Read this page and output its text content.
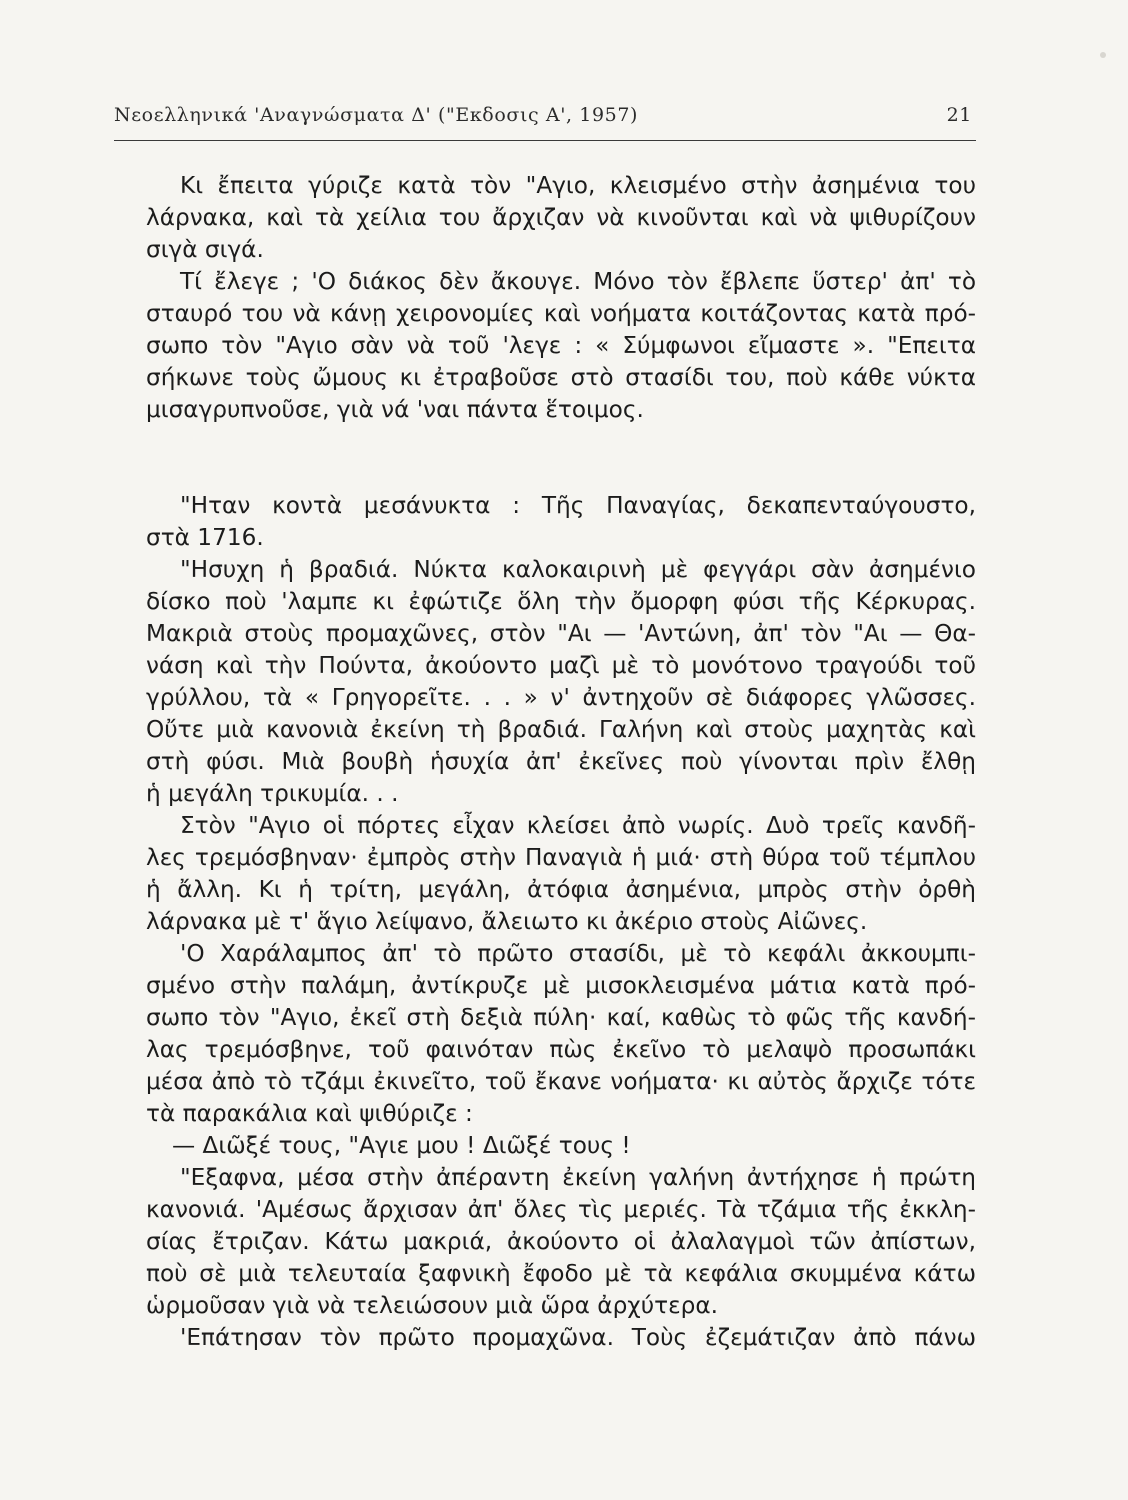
Νεοελληνικά 'Αναγνώσματα Δ' ("Εκδοσις Α', 1957)	21
Κι ἔπειτα γύριζε κατὰ τὸν "Αγιο, κλεισμένο στὴν ἀσημένια του
λάρνακα, καὶ τὰ χείλια του ἄρχιζαν νὰ κινοῦνται καὶ νὰ ψιθυρίζουν
σιγὰ σιγά.
Τί ἔλεγε ; 'Ο διάκος δὲν ἄκουγε. Μόνο τὸν ἔβλεπε ὕστερ' ἀπ' τὸ
σταυρό του νὰ κάνῃ χειρονομίες καὶ νοήματα κοιτάζοντας κατὰ πρό-
σωπο τὸν "Αγιο σὰν νὰ τοῦ 'λεγε : « Σύμφωνοι εἴμαστε ». "Επειτα
σήκωνε τοὺς ὤμους κι ἐτραβοῦσε στὸ στασίδι του, ποὺ κάθε νύκτα
μισαγρυπνοῦσε, γιὰ νά 'ναι πάντα ἕτοιμος.
"Ηταν κοντὰ μεσάνυκτα : Τῆς Παναγίας, δεκαπενταύγουστο,
στὰ 1716.
"Ησυχη ἡ βραδιά. Νύκτα καλοκαιρινὴ μὲ φεγγάρι σὰν ἀσημένιο
δίσκο ποὺ 'λαμπε κι ἐφώτιζε ὅλη τὴν ὄμορφη φύσι τῆς Κέρκυρας.
Μακριὰ στοὺς προμαχῶνες, στὸν "Αι — 'Αντώνη, ἀπ' τὸν "Αι — Θα-
νάση καὶ τὴν Πούντα, ἀκούοντο μαζὶ μὲ τὸ μονότονο τραγούδι τοῦ
γρύλλου, τὰ « Γρηγορεῖτε. . . » ν' ἀντηχοῦν σὲ διάφορες γλῶσσες.
Οὔτε μιὰ κανονιὰ ἐκείνη τὴ βραδιά. Γαλήνη καὶ στοὺς μαχητὰς καὶ
στὴ φύσι. Μιὰ βουβὴ ἡσυχία ἀπ' ἐκεῖνες ποὺ γίνονται πρὶν ἔλθῃ
ἡ μεγάλη τρικυμία. . .
Στὸν "Αγιο οἱ πόρτες εἶχαν κλείσει ἀπὸ νωρίς. Δυὸ τρεῖς κανδῆ-
λες τρεμόσβηναν· ἐμπρὸς στὴν Παναγιὰ ἡ μιά· στὴ θύρα τοῦ τέμπλου
ἡ ἄλλη. Κι ἡ τρίτη, μεγάλη, ἀτόφια ἀσημένια, μπρὸς στὴν ὀρθὴ
λάρνακα μὲ τ' ἅγιο λείψανο, ἄλειωτο κι ἀκέριο στοὺς Αἰῶνες.
'Ο Χαράλαμπος ἀπ' τὸ πρῶτο στασίδι, μὲ τὸ κεφάλι ἀκκουμπι-
σμένο στὴν παλάμη, ἀντίκρυζε μὲ μισοκλεισμένα μάτια κατὰ πρό-
σωπο τὸν "Αγιο, ἐκεῖ στὴ δεξιὰ πύλη· καί, καθὼς τὸ φῶς τῆς κανδή-
λας τρεμόσβηνε, τοῦ φαινόταν πὼς ἐκεῖνο τὸ μελαψὸ προσωπάκι
μέσα ἀπὸ τὸ τζάμι ἐκινεῖτο, τοῦ ἔκανε νοήματα· κι αὐτὸς ἄρχιζε τότε
τὰ παρακάλια καὶ ψιθύριζε :
— Διῶξέ τους, "Αγιε μου ! Διῶξέ τους !
"Εξαφνα, μέσα στὴν ἀπέραντη ἐκείνη γαλήνη ἀντήχησε ἡ πρώτη
κανονιά. 'Αμέσως ἄρχισαν ἀπ' ὅλες τὶς μεριές. Τὰ τζάμια τῆς ἐκκλη-
σίας ἔτριζαν. Κάτω μακριά, ἀκούοντο οἱ ἀλαλαγμοὶ τῶν ἀπίστων,
ποὺ σὲ μιὰ τελευταία ξαφνικὴ ἔφοδο μὲ τὰ κεφάλια σκυμμένα κάτω
ὡρμοῦσαν γιὰ νὰ τελειώσουν μιὰ ὥρα ἀρχύτερα.
'Επάτησαν τὸν πρῶτο προμαχῶνα. Τοὺς ἐζεμάτιζαν ἀπὸ πάνω
